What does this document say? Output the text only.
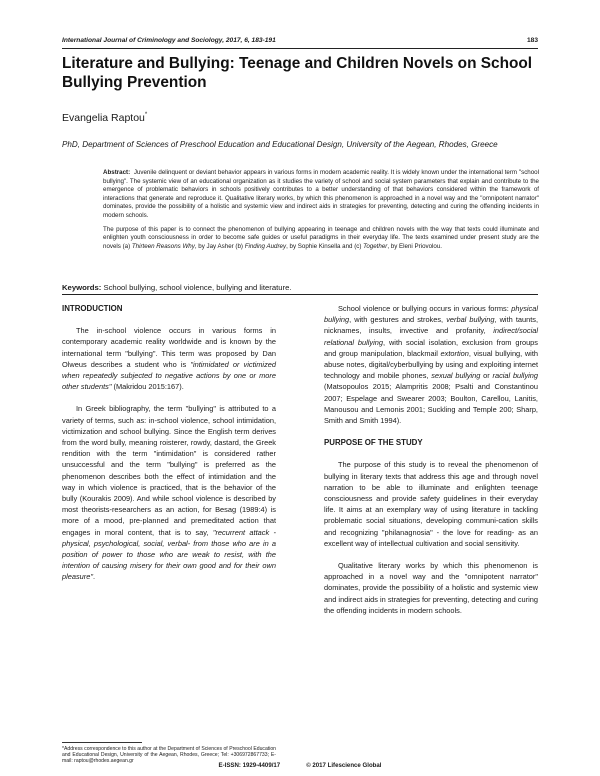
International Journal of Criminology and Sociology, 2017, 6, 183-191	183
Literature and Bullying: Teenage and Children Novels on School Bullying Prevention
Evangelia Raptou*
PhD, Department of Sciences of Preschool Education and Educational Design, University of the Aegean, Rhodes, Greece

Abstract: Juvenile delinquent or deviant behavior appears in various forms in modern academic reality. It is widely known under the international term "school bullying". The systemic view of an educational organization as it studies the variety of school and social system parameters that explain and contribute to the emergence of problematic behaviors in schools positively contributes to a better understanding of that behaviors considered within the framework of interactions that generate and reproduce it. Qualitative literary works, by which this phenomenon is approached in a novel way and the "omnipotent narrator" dominates, provide the possibility of a holistic and systemic view and indirect aids in strategies for preventing, detecting and curing the offending incidents in modern schools.

The purpose of this paper is to connect the phenomenon of bullying appearing in teenage and children novels with the way that texts could illuminate and enlighten youth consciousness in order to become safe guides or useful paradigms in their everyday life. The texts examined under present study are the novels (a) Thirteen Reasons Why, by Jay Asher (b) Finding Audrey, by Sophie Kinsella and (c) Together, by Eleni Priovolou.

Keywords: School bullying, school violence, bullying and literature.

INTRODUCTION

The in-school violence occurs in various forms in contemporary academic reality worldwide and is known by the international term "bullying". This term was proposed by Dan Olweus describes a student who is "intimidated or victimized when repeatedly subjected to negative actions by one or more other students" (Makridou 2015:167).

In Greek bibliography, the term "bullying" is attributed to a variety of terms, such as: in-school violence, school intimidation, victimization and school bullying. Since the English term derives from the word bully, meaning roisterer, rowdy, dastard, the Greek rendition with the term "intimidation" is considered rather unsuccessful and the term "bullying" is preferred as the phenomenon describes both the effect of intimidation and the way in which violence is practiced, that is the behavior of the bully (Kourakis 2009). And while school violence is described by most theorists-researchers as an action, for Besag (1989:4) is more of a mood, pre-planned and premeditated action that engages in moral content, that is to say, "recurrent attack - physical, psychological, social, verbal- from those who are in a position of power to those who are weak to resist, with the intention of causing misery for their own good and for their own pleasure".

School violence or bullying occurs in various forms: physical bullying, with gestures and strokes, verbal bullying, with taunts, nicknames, insults, invective and profanity, indirect/social relational bullying, with social isolation, exclusion from groups and group manipulation, blackmail extortion, visual bullying, with abuse notes, digital/cyberbullying by using and exploiting internet technology and mobile phones, sexual bullying or racial bullying (Matsopoulos 2015; Alampritis 2008; Psalti and Constantinou 2007; Espelage and Swearer 2003; Boulton, Carellou, Lanitis, Manousou and Lemonis 2001; Suckling and Temple 200; Sharp, Smith and Smith 1994).

PURPOSE OF THE STUDY

The purpose of this study is to reveal the phenomenon of bullying in literary texts that address this age and through novel narration to be able to illuminate and enlighten teenage consciousness and provide safety guidelines in their everyday life. It aims at an exemplary way of using literature in tackling problematic social situations, developing communi-cation skills and recognizing "philanagnosia" - the love for reading- as an excellent way of intellectual cultivation and social sensitivity.

Qualitative literary works by which this phenomenon is approached in a novel way and the "omnipotent narrator" dominates, provide the possibility of a holistic and systemic view and indirect aids in strategies for preventing, detecting and curing the offending incidents in modern schools.

*Address correspondence to this author at the Department of Sciences of Preschool Education and Educational Design, University of the Aegean, Rhodes, Greece; Tel: +306972867733; E-mail: raptou@rhodes.aegean.gr
E-ISSN: 1929-4409/17	© 2017 Lifescience Global
